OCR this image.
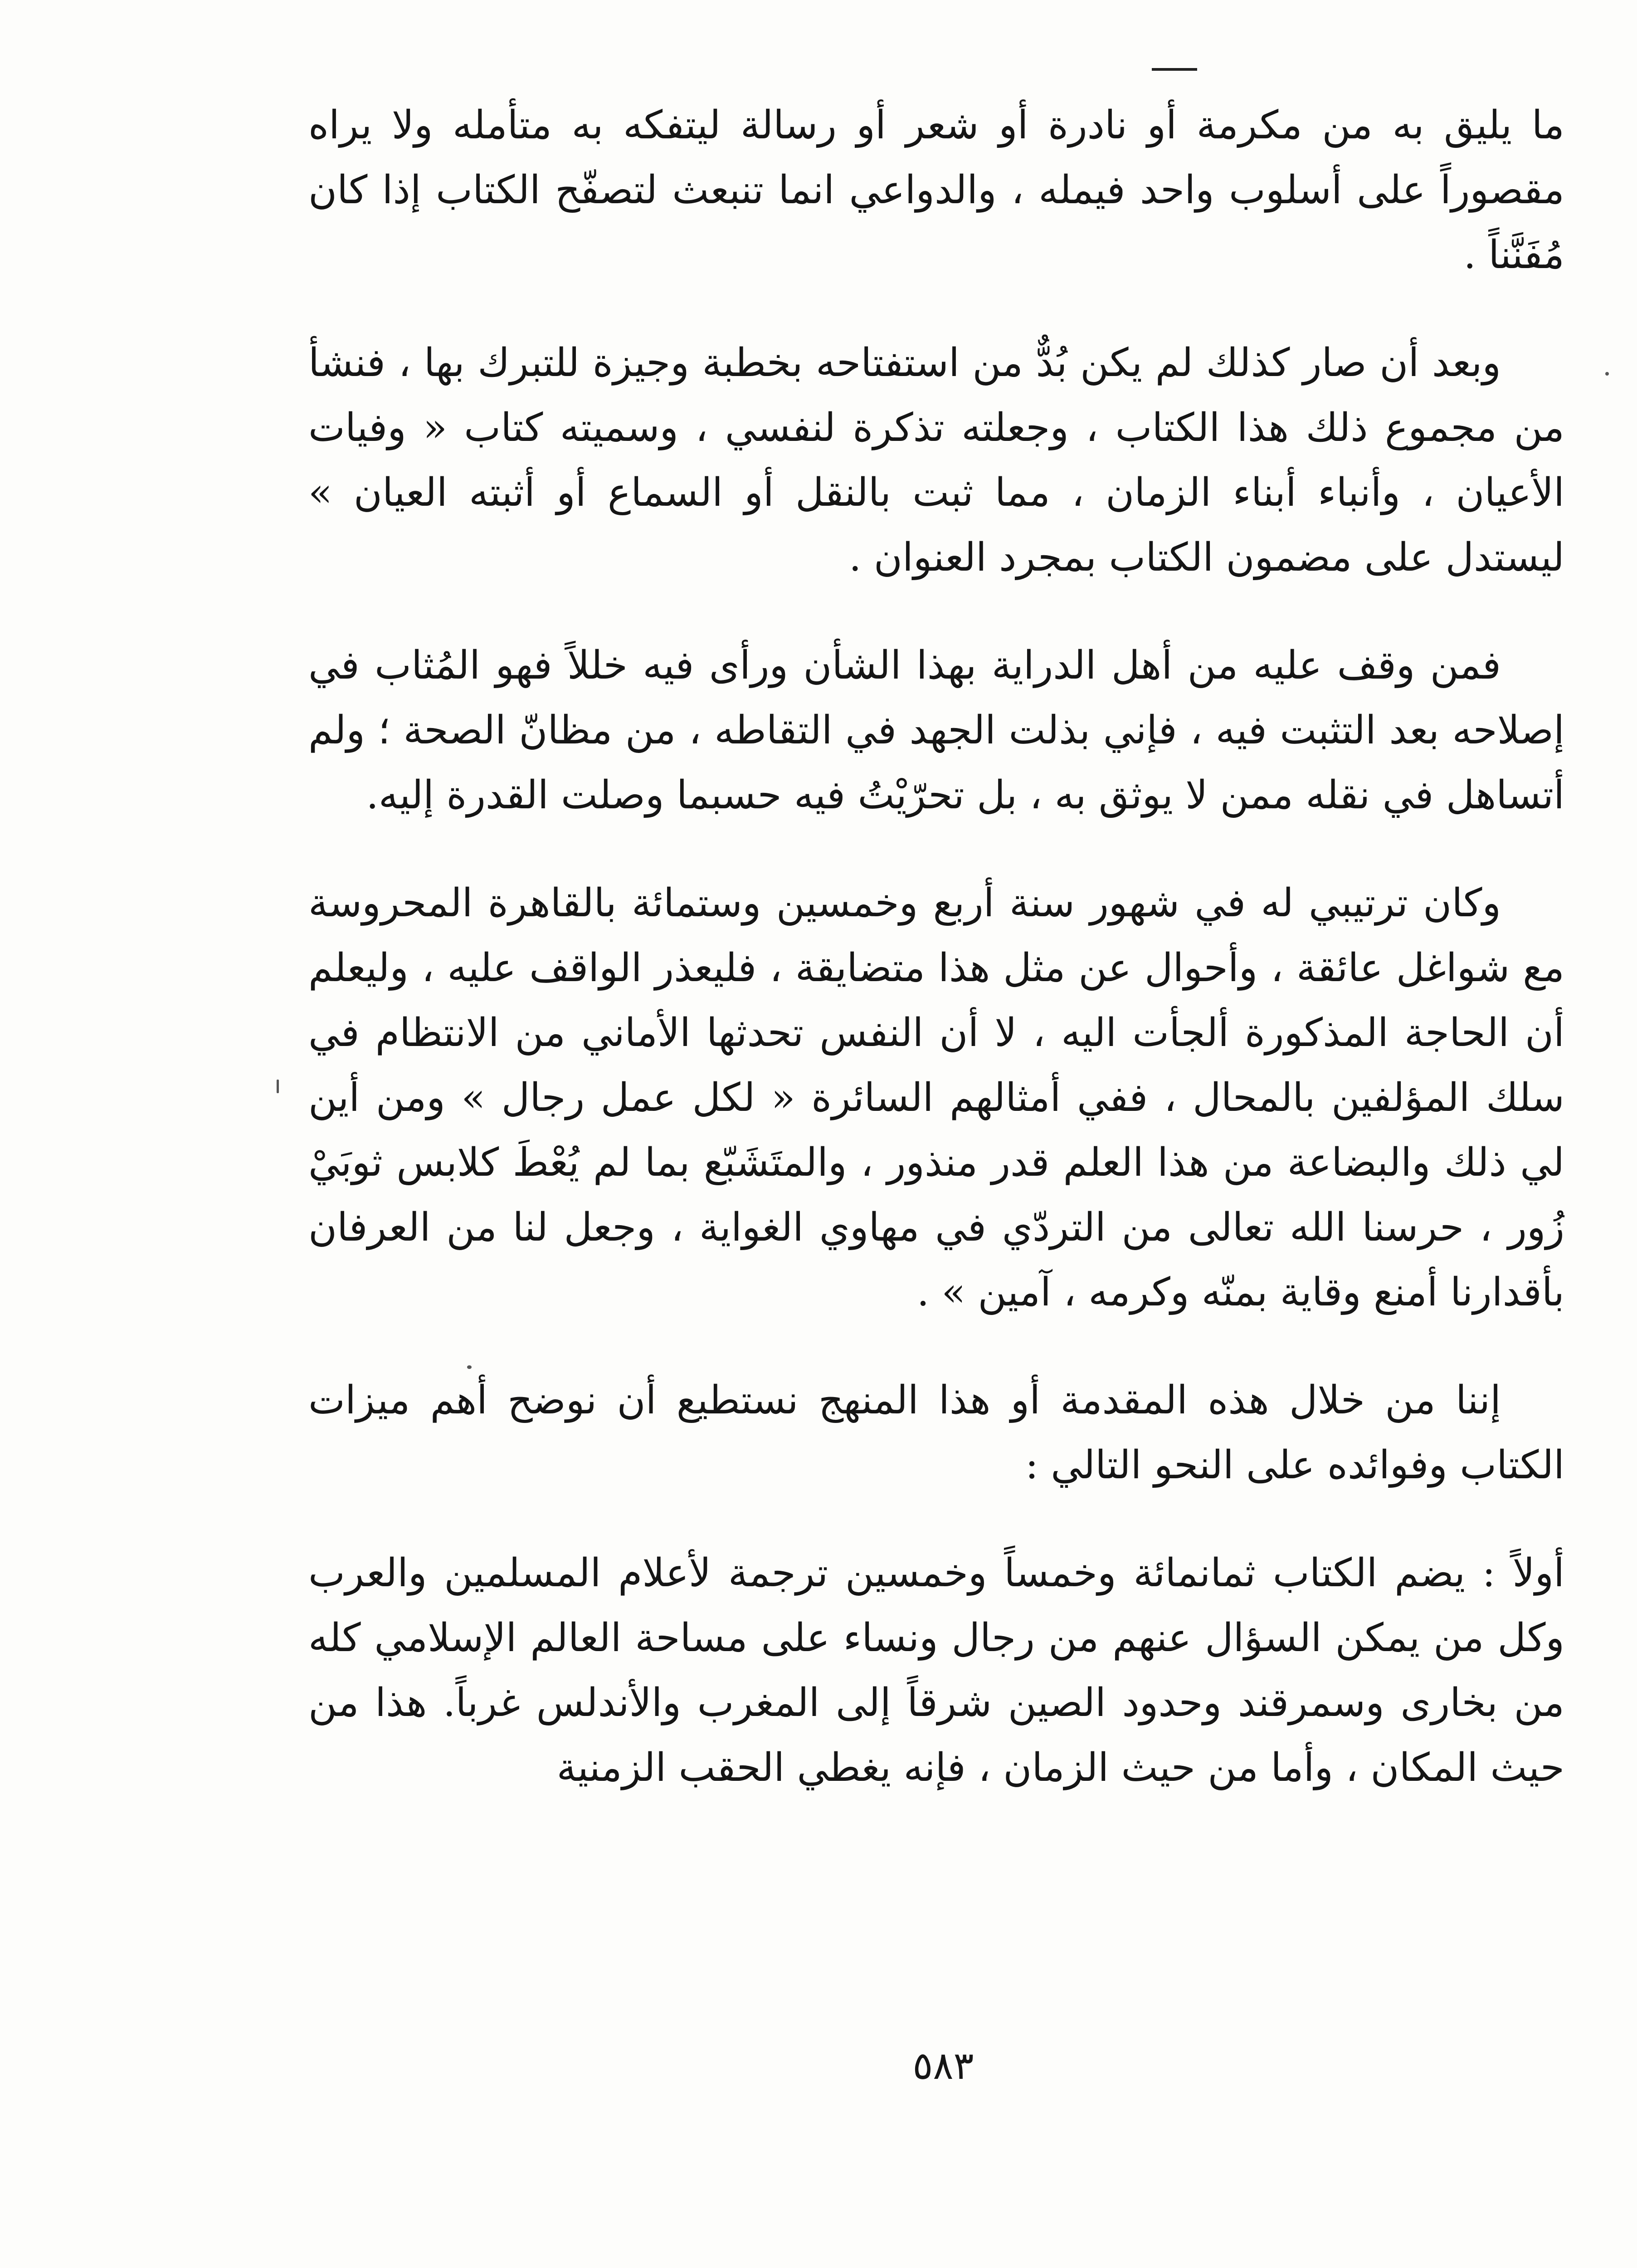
ما يليق به من مكرمة أو نادرة أو شعر أو رسالة ليتفكه به متأمله ولا يراه مقصوراً على أسلوب واحد فيمله ، والدواعي انما تنبعث لتصفّح الكتاب إذا كان مُفَنَّناً .

وبعد أن صار كذلك لم يكن بُدٌّ من استفتاحه بخطبة وجيزة للتبرك بها ، فنشأ من مجموع ذلك هذا الكتاب ، وجعلته تذكرة لنفسي ، وسميته كتاب « وفيات الأعيان ، وأنباء أبناء الزمان ، مما ثبت بالنقل أو السماع أو أثبته العيان » ليستدل على مضمون الكتاب بمجرد العنوان .

فمن وقف عليه من أهل الدراية بهذا الشأن ورأى فيه خللاً فهو المُثاب في إصلاحه بعد التثبت فيه ، فإني بذلت الجهد في التقاطه ، من مظانّ الصحة ؛ ولم أتساهل في نقله ممن لا يوثق به ، بل تحرّيْتُ فيه حسبما وصلت القدرة إليه.

وكان ترتيبي له في شهور سنة أربع وخمسين وستمائة بالقاهرة المحروسة مع شواغل عائقة ، وأحوال عن مثل هذا متضايقة ، فليعذر الواقف عليه ، وليعلم أن الحاجة المذكورة ألجأت اليه ، لا أن النفس تحدثها الأماني من الانتظام في سلك المؤلفين بالمحال ، ففي أمثالهم السائرة « لكل عمل رجال » ومن أين لي ذلك والبضاعة من هذا العلم قدر منذور ، والمتَشَبّع بما لم يُعْطَ كلابس ثوبَيْ زُور ، حرسنا الله تعالى من التردّي في مهاوي الغواية ، وجعل لنا من العرفان بأقدارنا أمنع وقاية بمنّه وكرمه ، آمين » .

إننا من خلال هذه المقدمة أو هذا المنهج نستطيع أن نوضح أهم ميزات الكتاب وفوائده على النحو التالي :

أولاً : يضم الكتاب ثمانمائة وخمساً وخمسين ترجمة لأعلام المسلمين والعرب وكل من يمكن السؤال عنهم من رجال ونساء على مساحة العالم الإسلامي كله من بخارى وسمرقند وحدود الصين شرقاً إلى المغرب والأندلس غرباً. هذا من حيث المكان ، وأما من حيث الزمان ، فإنه يغطي الحقب الزمنية

٥٨٣
